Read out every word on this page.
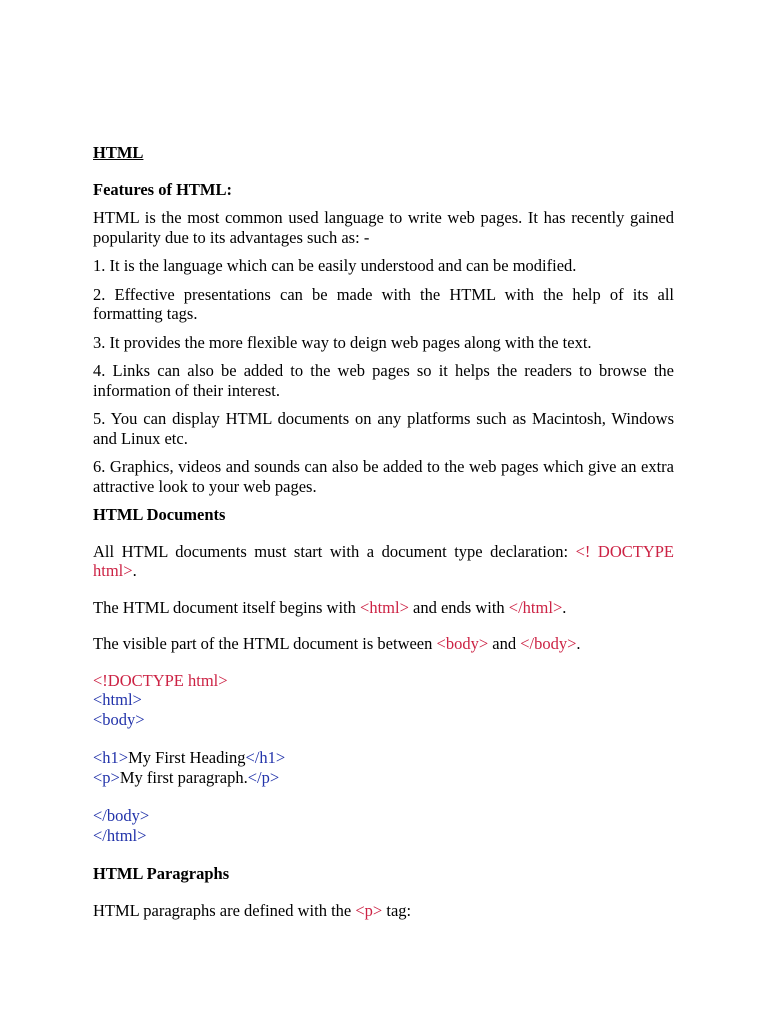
HTML
Features of HTML:
HTML is the most common used language to write web pages. It has recently gained popularity due to its advantages such as: -
1. It is the language which can be easily understood and can be modified.
2. Effective presentations can be made with the HTML with the help of its all formatting tags.
3. It provides the more flexible way to deign web pages along with the text.
4. Links can also be added to the web pages so it helps the readers to browse the information of their interest.
5. You can display HTML documents on any platforms such as Macintosh, Windows and Linux etc.
6. Graphics, videos and sounds can also be added to the web pages which give an extra attractive look to your web pages.
HTML Documents
All HTML documents must start with a document type declaration: <! DOCTYPE html>.
The HTML document itself begins with <html> and ends with </html>.
The visible part of the HTML document is between <body> and </body>.
<!DOCTYPE html>
<html>
<body>
<h1>My First Heading</h1>
<p>My first paragraph.</p>
</body>
</html>
HTML Paragraphs
HTML paragraphs are defined with the <p> tag:
